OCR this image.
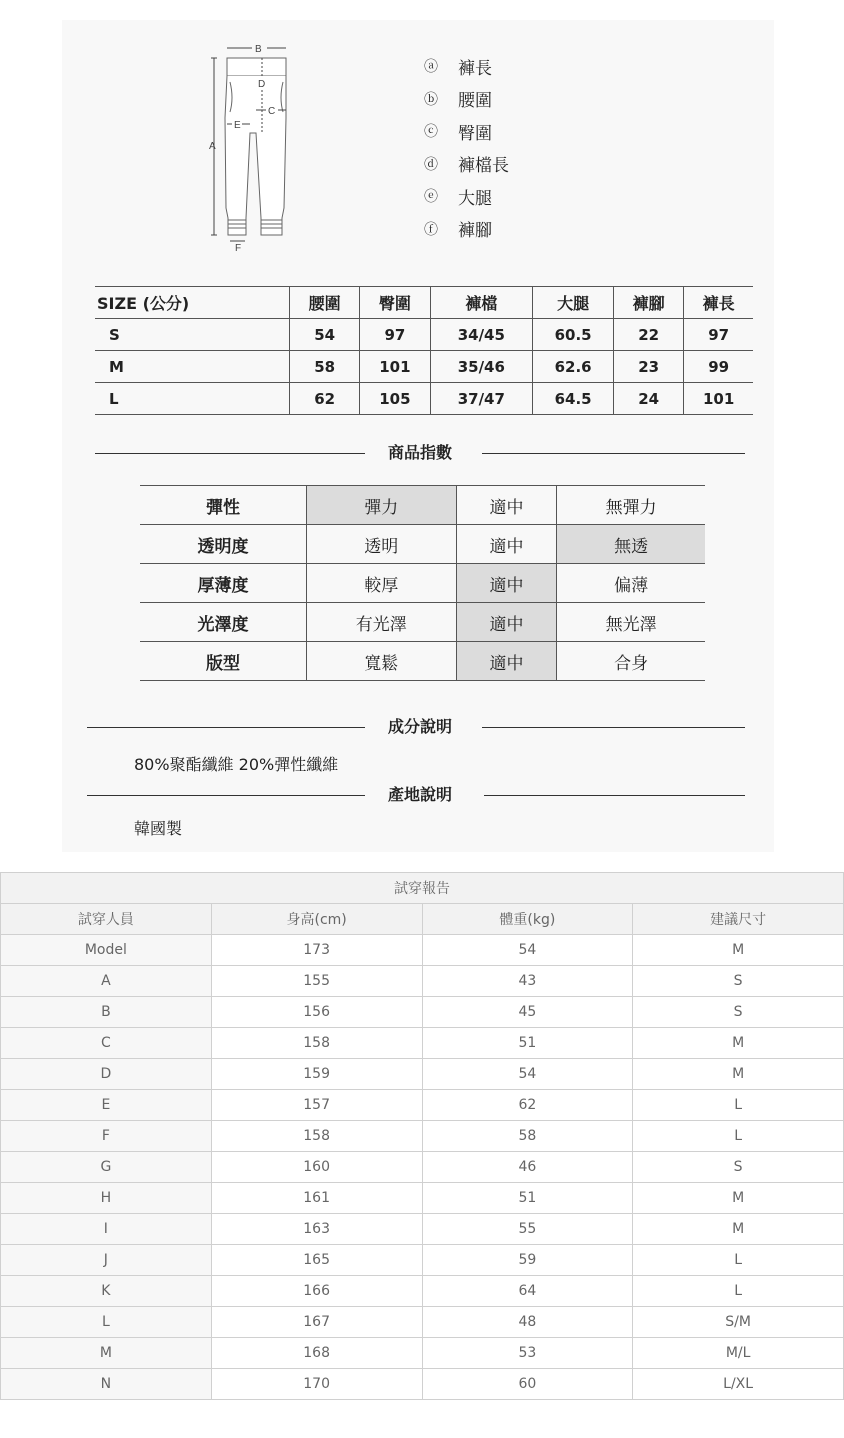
A
B
D
C
E
F
ⓐ	褲長
ⓑ	腰圍
ⓒ	臀圍
ⓓ	褲檔長
ⓔ	大腿
ⓕ	褲腳
SIZE (公分)	腰圍	臀圍	褲檔	大腿	褲腳	褲長
S	54	97	34/45	60.5	22	97
M	58	101	35/46	62.6	23	99
L	62	105	37/47	64.5	24	101
商品指數
彈性	彈力	適中	無彈力
透明度	透明	適中	無透
厚薄度	較厚	適中	偏薄
光澤度	有光澤	適中	無光澤
版型	寬鬆	適中	合身
成分說明
80%聚酯纖維 20%彈性纖維
產地說明
韓國製
試穿報告			
試穿人員	身高(cm)	體重(kg)	建議尺寸
Model	173	54	M
A	155	43	S
B	156	45	S
C	158	51	M
D	159	54	M
E	157	62	L
F	158	58	L
G	160	46	S
H	161	51	M
I	163	55	M
J	165	59	L
K	166	64	L
L	167	48	S/M
M	168	53	M/L
N	170	60	L/XL
